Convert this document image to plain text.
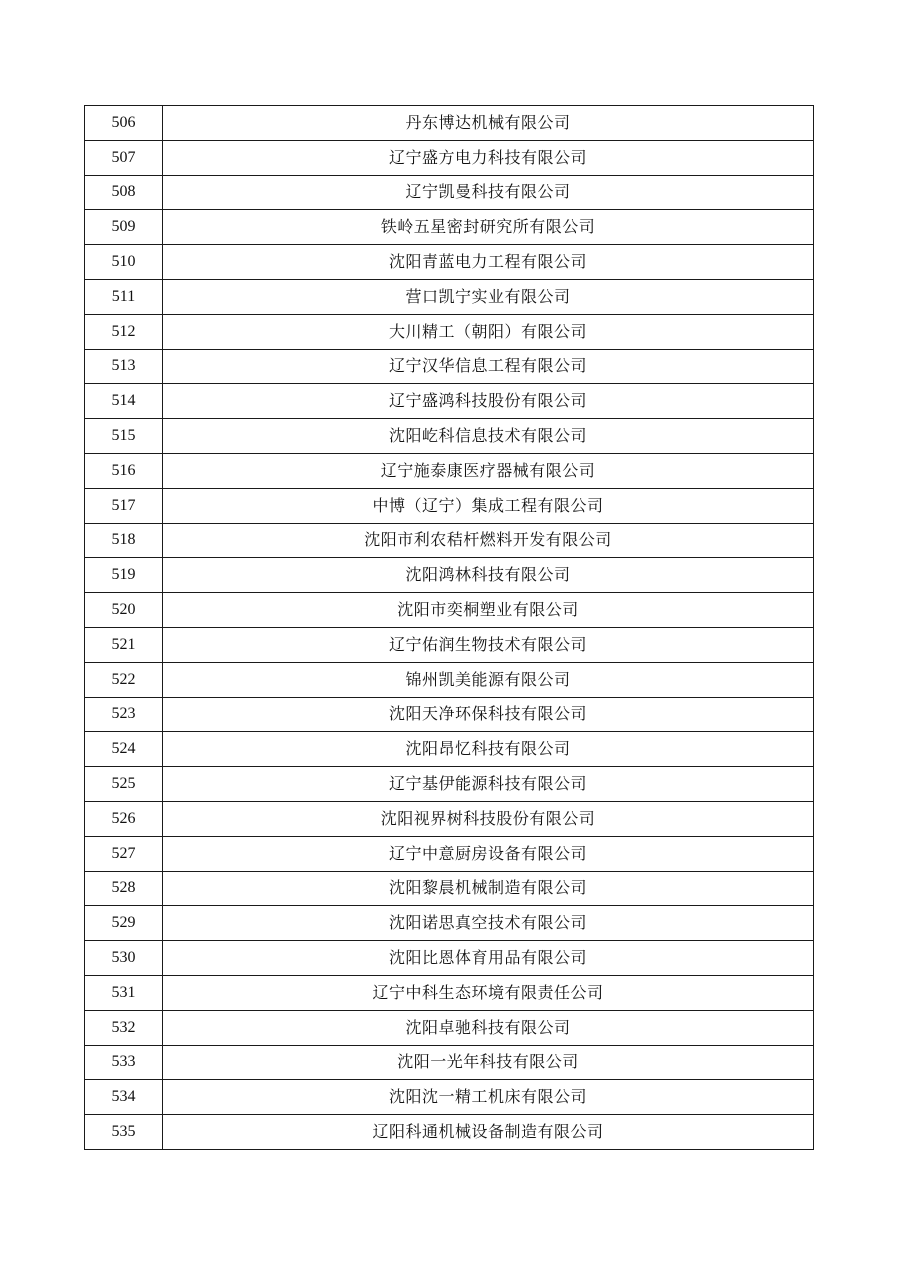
506	丹东博达机械有限公司
507	辽宁盛方电力科技有限公司
508	辽宁凯曼科技有限公司
509	铁岭五星密封研究所有限公司
510	沈阳青蓝电力工程有限公司
511	营口凯宁实业有限公司
512	大川精工（朝阳）有限公司
513	辽宁汉华信息工程有限公司
514	辽宁盛鸿科技股份有限公司
515	沈阳屹科信息技术有限公司
516	辽宁施泰康医疗器械有限公司
517	中博（辽宁）集成工程有限公司
518	沈阳市利农秸杆燃料开发有限公司
519	沈阳鸿林科技有限公司
520	沈阳市奕桐塑业有限公司
521	辽宁佑润生物技术有限公司
522	锦州凯美能源有限公司
523	沈阳天净环保科技有限公司
524	沈阳昂忆科技有限公司
525	辽宁基伊能源科技有限公司
526	沈阳视界树科技股份有限公司
527	辽宁中意厨房设备有限公司
528	沈阳黎晨机械制造有限公司
529	沈阳诺思真空技术有限公司
530	沈阳比恩体育用品有限公司
531	辽宁中科生态环境有限责任公司
532	沈阳卓驰科技有限公司
533	沈阳一光年科技有限公司
534	沈阳沈一精工机床有限公司
535	辽阳科通机械设备制造有限公司
